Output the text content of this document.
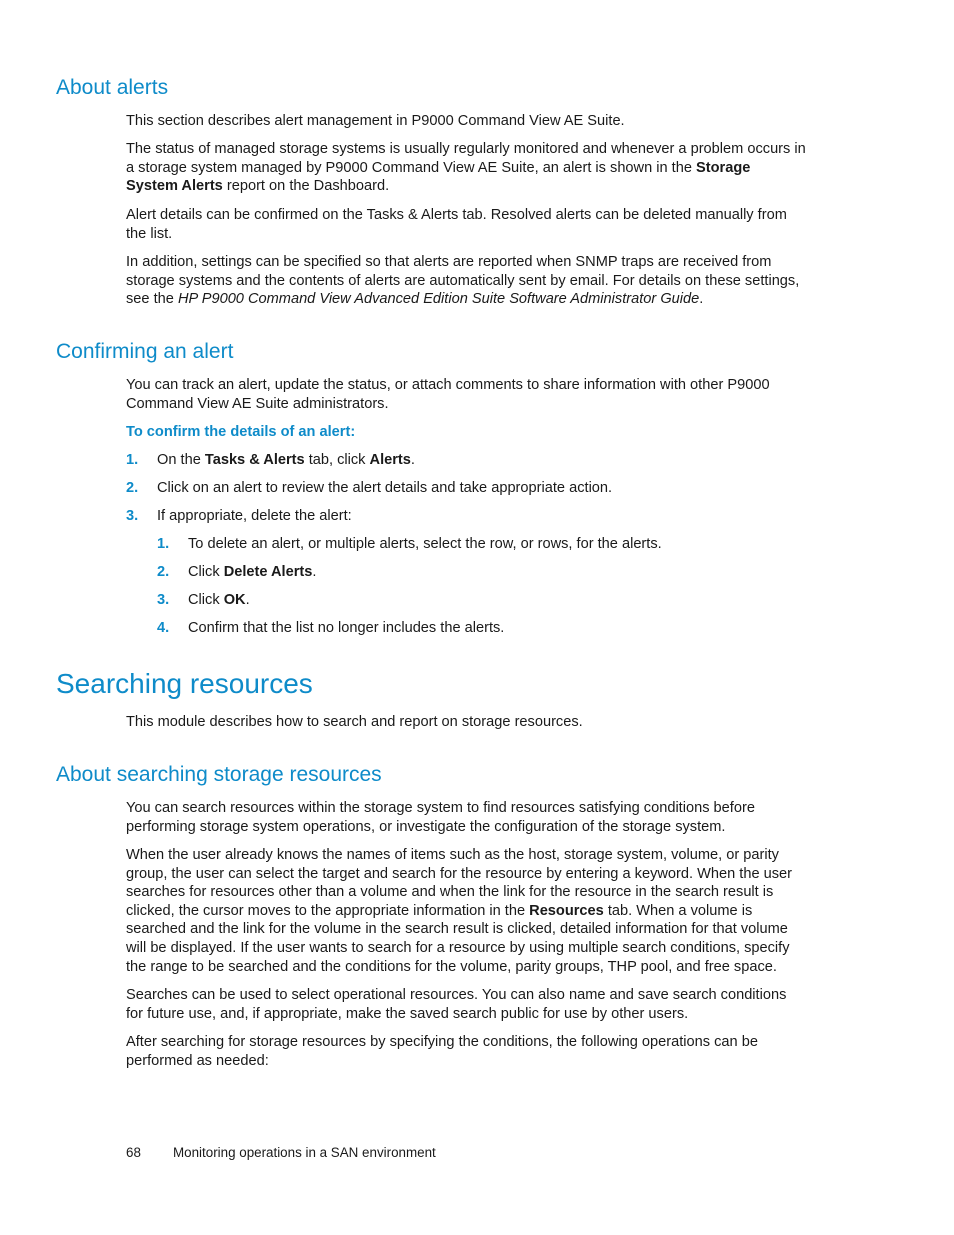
About alerts

This section describes alert management in P9000 Command View AE Suite.

The status of managed storage systems is usually regularly monitored and whenever a problem occurs in a storage system managed by P9000 Command View AE Suite, an alert is shown in the Storage System Alerts report on the Dashboard.

Alert details can be confirmed on the Tasks & Alerts tab. Resolved alerts can be deleted manually from the list.

In addition, settings can be specified so that alerts are reported when SNMP traps are received from storage systems and the contents of alerts are automatically sent by email. For details on these settings, see the HP P9000 Command View Advanced Edition Suite Software Administrator Guide.

Confirming an alert

You can track an alert, update the status, or attach comments to share information with other P9000 Command View AE Suite administrators.

To confirm the details of an alert:

1. On the Tasks & Alerts tab, click Alerts.
2. Click on an alert to review the alert details and take appropriate action.
3. If appropriate, delete the alert:
1. To delete an alert, or multiple alerts, select the row, or rows, for the alerts.
2. Click Delete Alerts.
3. Click OK.
4. Confirm that the list no longer includes the alerts.
Searching resources

This module describes how to search and report on storage resources.

About searching storage resources

You can search resources within the storage system to find resources satisfying conditions before performing storage system operations, or investigate the configuration of the storage system.

When the user already knows the names of items such as the host, storage system, volume, or parity group, the user can select the target and search for the resource by entering a keyword. When the user searches for resources other than a volume and when the link for the resource in the search result is clicked, the cursor moves to the appropriate information in the Resources tab. When a volume is searched and the link for the volume in the search result is clicked, detailed information for that volume will be displayed. If the user wants to search for a resource by using multiple search conditions, specify the range to be searched and the conditions for the volume, parity groups, THP pool, and free space.

Searches can be used to select operational resources. You can also name and save search conditions for future use, and, if appropriate, make the saved search public for use by other users.

After searching for storage resources by specifying the conditions, the following operations can be performed as needed:

68 Monitoring operations in a SAN environment
